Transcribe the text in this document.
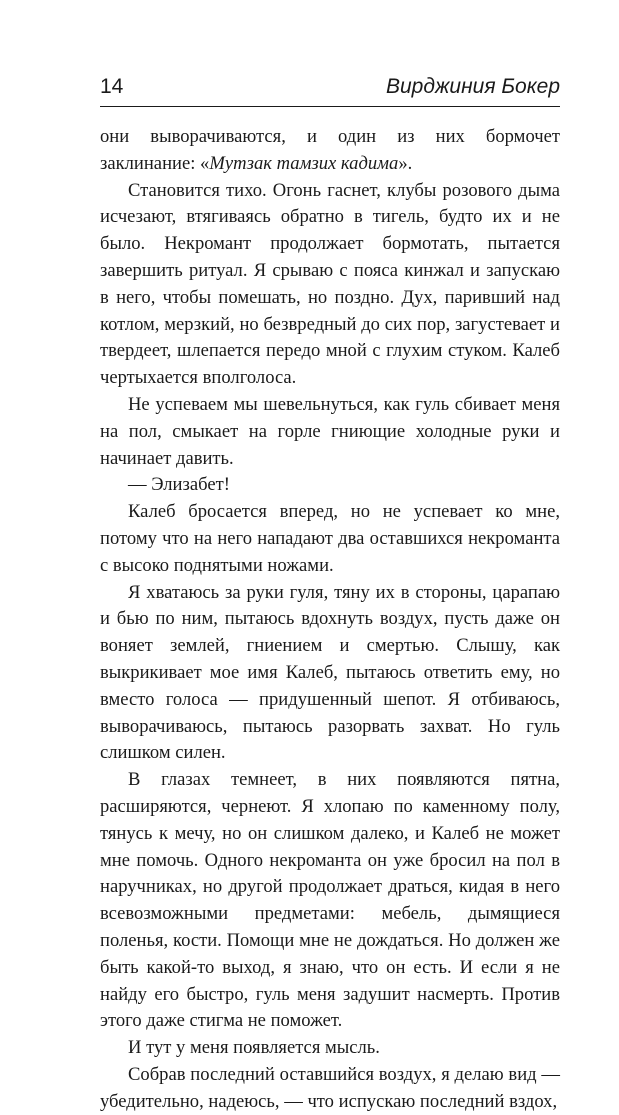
14	Вирджиния Бокер

они выворачиваются, и один из них бормочет заклинание: «Мутзак тамзих кадима».

Становится тихо. Огонь гаснет, клубы розового дыма исчезают, втягиваясь обратно в тигель, будто их и не было. Некромант продолжает бормотать, пытается завершить ритуал. Я срываю с пояса кинжал и запускаю в него, чтобы помешать, но поздно. Дух, паривший над котлом, мерзкий, но безвредный до сих пор, загустевает и твердеет, шлепается передо мной с глухим стуком. Калеб чертыхается вполголоса.

Не успеваем мы шевельнуться, как гуль сбивает меня на пол, смыкает на горле гниющие холодные руки и начинает давить.

— Элизабет!

Калеб бросается вперед, но не успевает ко мне, потому что на него нападают два оставшихся некроманта с высоко поднятыми ножами.

Я хватаюсь за руки гуля, тяну их в стороны, царапаю и бью по ним, пытаюсь вдохнуть воздух, пусть даже он воняет землей, гниением и смертью. Слышу, как выкрикивает мое имя Калеб, пытаюсь ответить ему, но вместо голоса — придушенный шепот. Я отбиваюсь, выворачиваюсь, пытаюсь разорвать захват. Но гуль слишком силен.

В глазах темнеет, в них появляются пятна, расширяются, чернеют. Я хлопаю по каменному полу, тянусь к мечу, но он слишком далеко, и Калеб не может мне помочь. Одного некроманта он уже бросил на пол в наручниках, но другой продолжает драться, кидая в него всевозможными предметами: мебель, дымящиеся поленья, кости. Помощи мне не дождаться. Но должен же быть какой-то выход, я знаю, что он есть. И если я не найду его быстро, гуль меня задушит насмерть. Против этого даже стигма не поможет.

И тут у меня появляется мысль.

Собрав последний оставшийся воздух, я делаю вид — убедительно, надеюсь, — что испускаю последний вздох,
